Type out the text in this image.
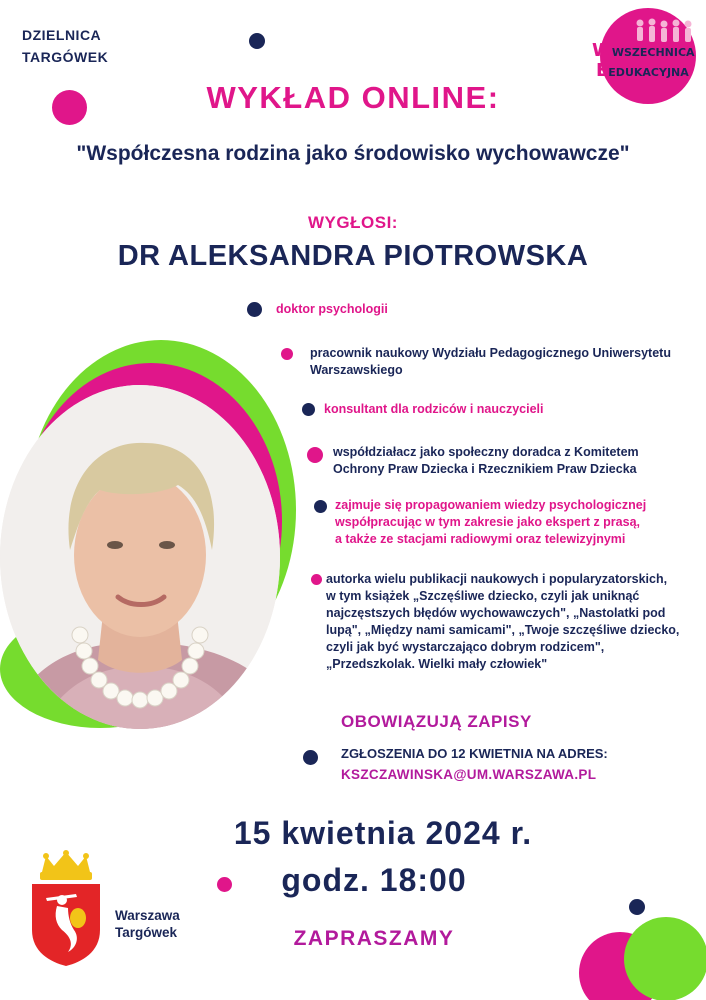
DZIELNICA
TARGÓWEK	WWSZECHNICA
EEDUKACYJNA
WYKŁAD ONLINE:
"Współczesna rodzina jako środowisko wychowawcze"
WYGŁOSI:
DR ALEKSANDRA PIOTROWSKA
doktor psychologii
pracownik naukowy Wydziału Pedagogicznego Uniwersytetu
Warszawskiego
konsultant dla rodziców i nauczycieli
współdziałacz jako społeczny doradca z Komitetem
Ochrony Praw Dziecka i Rzecznikiem Praw Dziecka
zajmuje się propagowaniem wiedzy psychologicznej
współpracując w tym zakresie jako ekspert z prasą,
a także ze stacjami radiowymi oraz telewizyjnymi
autorka wielu publikacji naukowych i popularyzatorskich,
w tym książek „Szczęśliwe dziecko, czyli jak uniknąć
najczęstszych błędów wychowawczych", „Nastolatki pod
lupą", „Między nami samicami", „Twoje szczęśliwe dziecko,
czyli jak być wystarczająco dobrym rodzicem",
„Przedszkolak. Wielki mały człowiek"
OBOWIĄZUJĄ ZAPISY
ZGŁOSZENIA DO 12 KWIETNIA NA ADRES:
KSZCZAWINSKA@UM.WARSZAWA.PL
15 kwietnia 2024 r.
godz. 18:00
ZAPRASZAMY
Warszawa
Targówek
